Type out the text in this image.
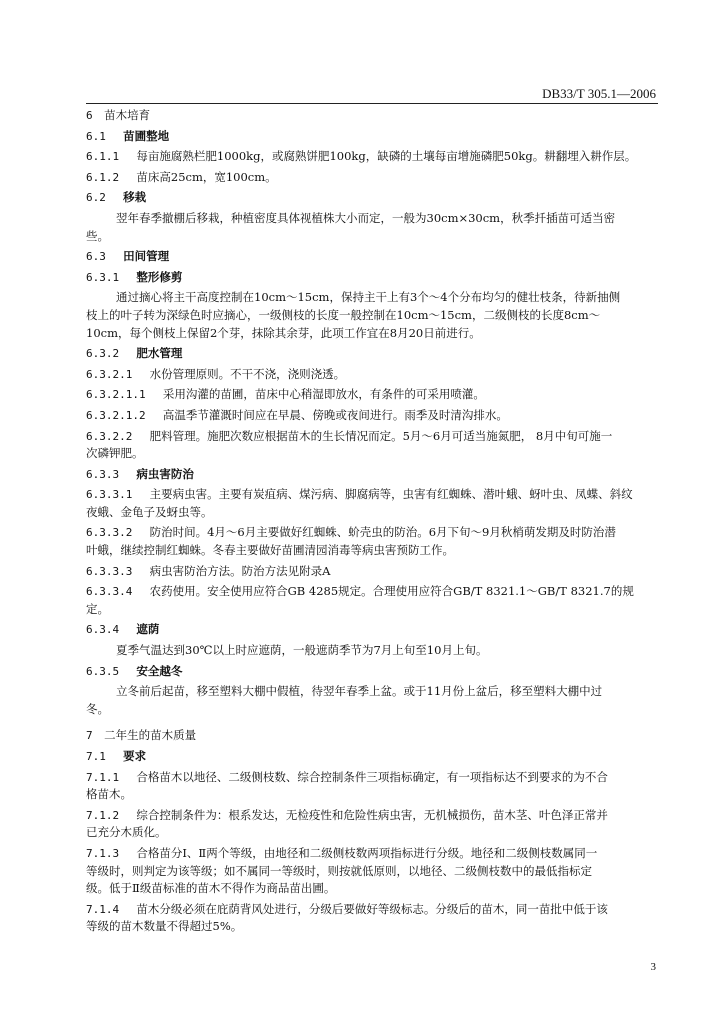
DB33/T 305.1—2006
6  苗木培育
6.1   苗圃整地
6.1.1   每亩施腐熟栏肥1000kg，或腐熟饼肥100kg，缺磷的土壤每亩增施磷肥50kg。耕翻埋入耕作层。
6.1.2   苗床高25cm，宽100cm。
6.2   移栽
翌年春季撤棚后移栽，种植密度具体视植株大小而定，一般为30cm×30cm，秋季扦插苗可适当密
些。
6.3   田间管理
6.3.1   整形修剪
通过摘心将主干高度控制在10cm～15cm，保持主干上有3个～4个分布均匀的健壮枝条，待新抽侧
枝上的叶子转为深绿色时应摘心，一级侧枝的长度一般控制在10cm～15cm，二级侧枝的长度8cm～
10cm，每个侧枝上保留2个芽，抹除其余芽，此项工作宜在8月20日前进行。
6.3.2   肥水管理
6.3.2.1   水份管理原则。不干不浇，浇则浇透。
6.3.2.1.1   采用沟灌的苗圃，苗床中心稍湿即放水，有条件的可采用喷灌。
6.3.2.1.2   高温季节灌溉时间应在早晨、傍晚或夜间进行。雨季及时清沟排水。
6.3.2.2   肥料管理。施肥次数应根据苗木的生长情况而定。5月～6月可适当施氮肥， 8月中旬可施一
次磷钾肥。
6.3.3   病虫害防治
6.3.3.1   主要病虫害。主要有炭疽病、煤污病、脚腐病等，虫害有红蜘蛛、潜叶蛾、蚜叶虫、凤蝶、斜纹
夜蛾、金龟子及蚜虫等。
6.3.3.2   防治时间。4月～6月主要做好红蜘蛛、蚧壳虫的防治。6月下旬～9月秋梢萌发期及时防治潜
叶蛾，继续控制红蜘蛛。冬春主要做好苗圃清园消毒等病虫害预防工作。
6.3.3.3   病虫害防治方法。防治方法见附录A
6.3.3.4   农药使用。安全使用应符合GB 4285规定。合理使用应符合GB/T 8321.1～GB/T 8321.7的规
定。
6.3.4   遮荫
夏季气温达到30℃以上时应遮荫，一般遮荫季节为7月上旬至10月上旬。
6.3.5   安全越冬
立冬前后起苗，移至塑料大棚中假植，待翌年春季上盆。或于11月份上盆后，移至塑料大棚中过
冬。
7  二年生的苗木质量
7.1   要求
7.1.1   合格苗木以地径、二级侧枝数、综合控制条件三项指标确定，有一项指标达不到要求的为不合
格苗木。
7.1.2   综合控制条件为：根系发达，无检疫性和危险性病虫害，无机械损伤，苗木茎、叶色泽正常并
已充分木质化。
7.1.3   合格苗分Ⅰ、Ⅱ两个等级，由地径和二级侧枝数两项指标进行分级。地径和二级侧枝数属同一
等级时，则判定为该等级；如不属同一等级时，则按就低原则，以地径、二级侧枝数中的最低指标定
级。低于Ⅱ级苗标准的苗木不得作为商品苗出圃。
7.1.4   苗木分级必须在庇荫背风处进行，分级后要做好等级标志。分级后的苗木，同一苗批中低于该
等级的苗木数量不得超过5%。
3
